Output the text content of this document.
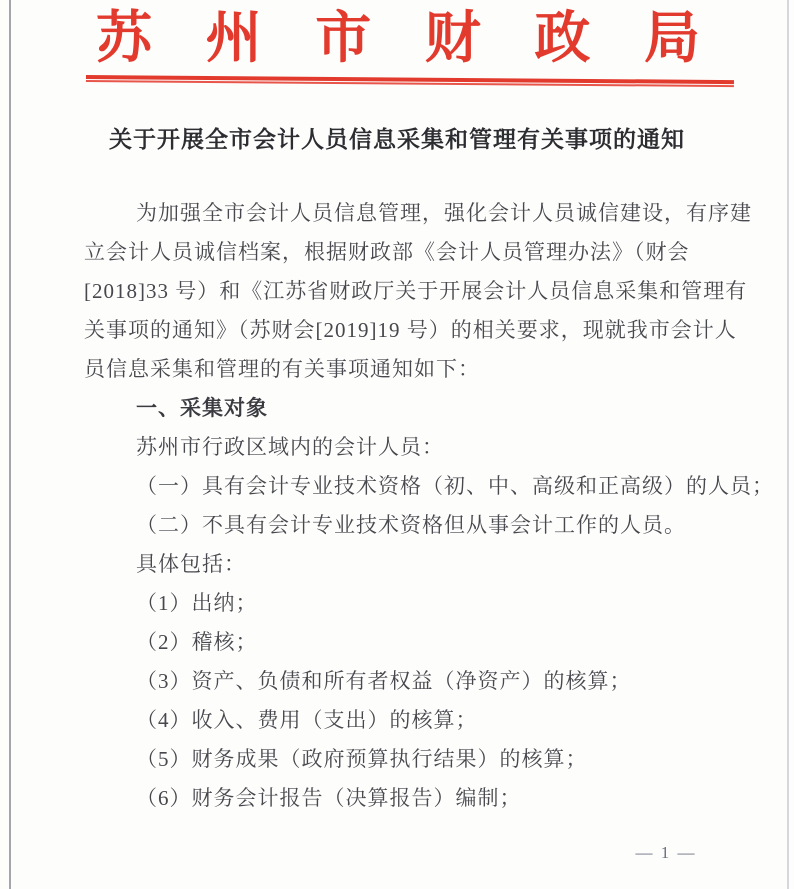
苏 州 市 财 政 局
关于开展全市会计人员信息采集和管理有关事项的通知

为加强全市会计人员信息管理，强化会计人员诚信建设，有序建

立会计人员诚信档案，根据财政部《会计人员管理办法》（财会

[2018]33 号）和《江苏省财政厅关于开展会计人员信息采集和管理有

关事项的通知》（苏财会[2019]19 号）的相关要求，现就我市会计人

员信息采集和管理的有关事项通知如下：

一、采集对象

苏州市行政区域内的会计人员：

（一）具有会计专业技术资格（初、中、高级和正高级）的人员；

（二）不具有会计专业技术资格但从事会计工作的人员。

具体包括：

（1）出纳；

（2）稽核；

（3）资产、负债和所有者权益（净资产）的核算；

（4）收入、费用（支出）的核算；

（5）财务成果（政府预算执行结果）的核算；

（6）财务会计报告（决算报告）编制；

— 1 —
